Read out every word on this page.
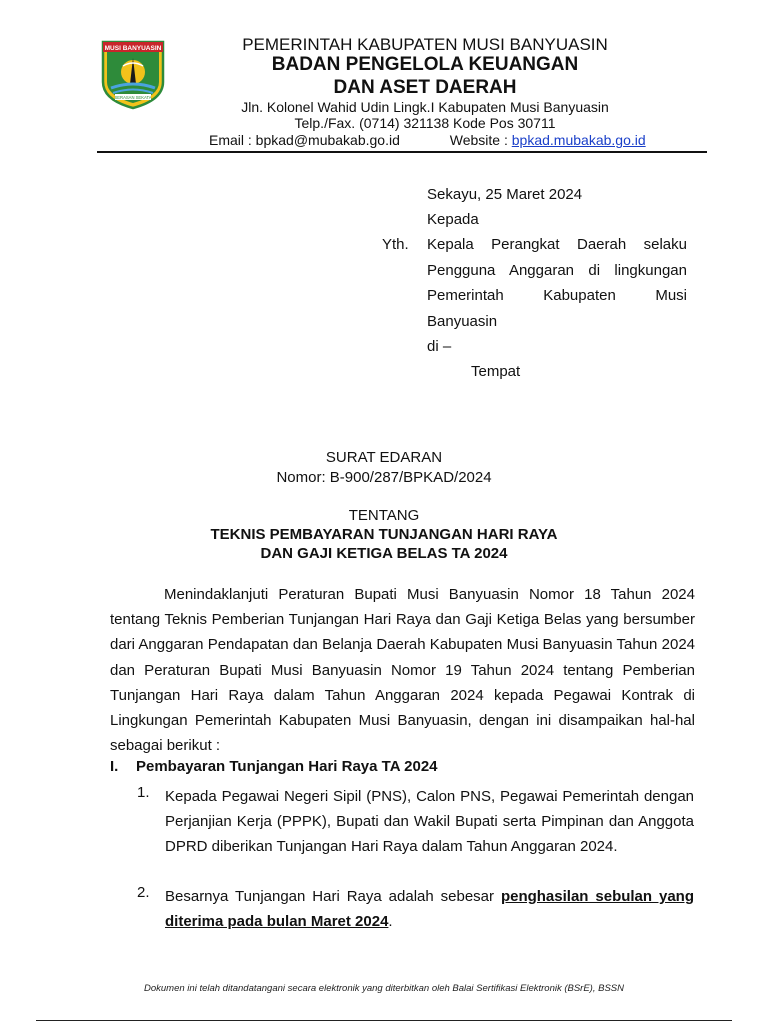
MUSI BANYUASIN
SERASAN SEKATA
PEMERINTAH KABUPATEN MUSI BANYUASIN
BADAN PENGELOLA KEUANGAN
DAN ASET DAERAH
Jln. Kolonel Wahid Udin Lingk.I Kabupaten Musi Banyuasin
Telp./Fax. (0714) 321138 Kode Pos 30711
Email : bpkad@mubakab.go.id	Website : bpkad.mubakab.go.id
Sekayu, 25 Maret 2024
Kepada
Yth. Kepala Perangkat Daerah selaku
Pengguna Anggaran di lingkungan
Pemerintah Kabupaten Musi
Banyuasin
di –
Tempat
SURAT EDARAN
Nomor: B-900/287/BPKAD/2024
TENTANG
TEKNIS PEMBAYARAN TUNJANGAN HARI RAYA
DAN GAJI KETIGA BELAS TA 2024
Menindaklanjuti Peraturan Bupati Musi Banyuasin Nomor 18 Tahun 2024 tentang Teknis Pemberian Tunjangan Hari Raya dan Gaji Ketiga Belas yang bersumber dari Anggaran Pendapatan dan Belanja Daerah Kabupaten Musi Banyuasin Tahun 2024 dan Peraturan Bupati Musi Banyuasin Nomor 19 Tahun 2024 tentang Pemberian Tunjangan Hari Raya dalam Tahun Anggaran 2024 kepada Pegawai Kontrak di Lingkungan Pemerintah Kabupaten Musi Banyuasin, dengan ini disampaikan hal-hal sebagai berikut :
I. Pembayaran Tunjangan Hari Raya TA 2024
1. Kepada Pegawai Negeri Sipil (PNS), Calon PNS, Pegawai Pemerintah dengan Perjanjian Kerja (PPPK), Bupati dan Wakil Bupati serta Pimpinan dan Anggota DPRD diberikan Tunjangan Hari Raya dalam Tahun Anggaran 2024.
2. Besarnya Tunjangan Hari Raya adalah sebesar penghasilan sebulan yang diterima pada bulan Maret 2024.
Dokumen ini telah ditandatangani secara elektronik yang diterbitkan oleh Balai Sertifikasi Elektronik (BSrE), BSSN
